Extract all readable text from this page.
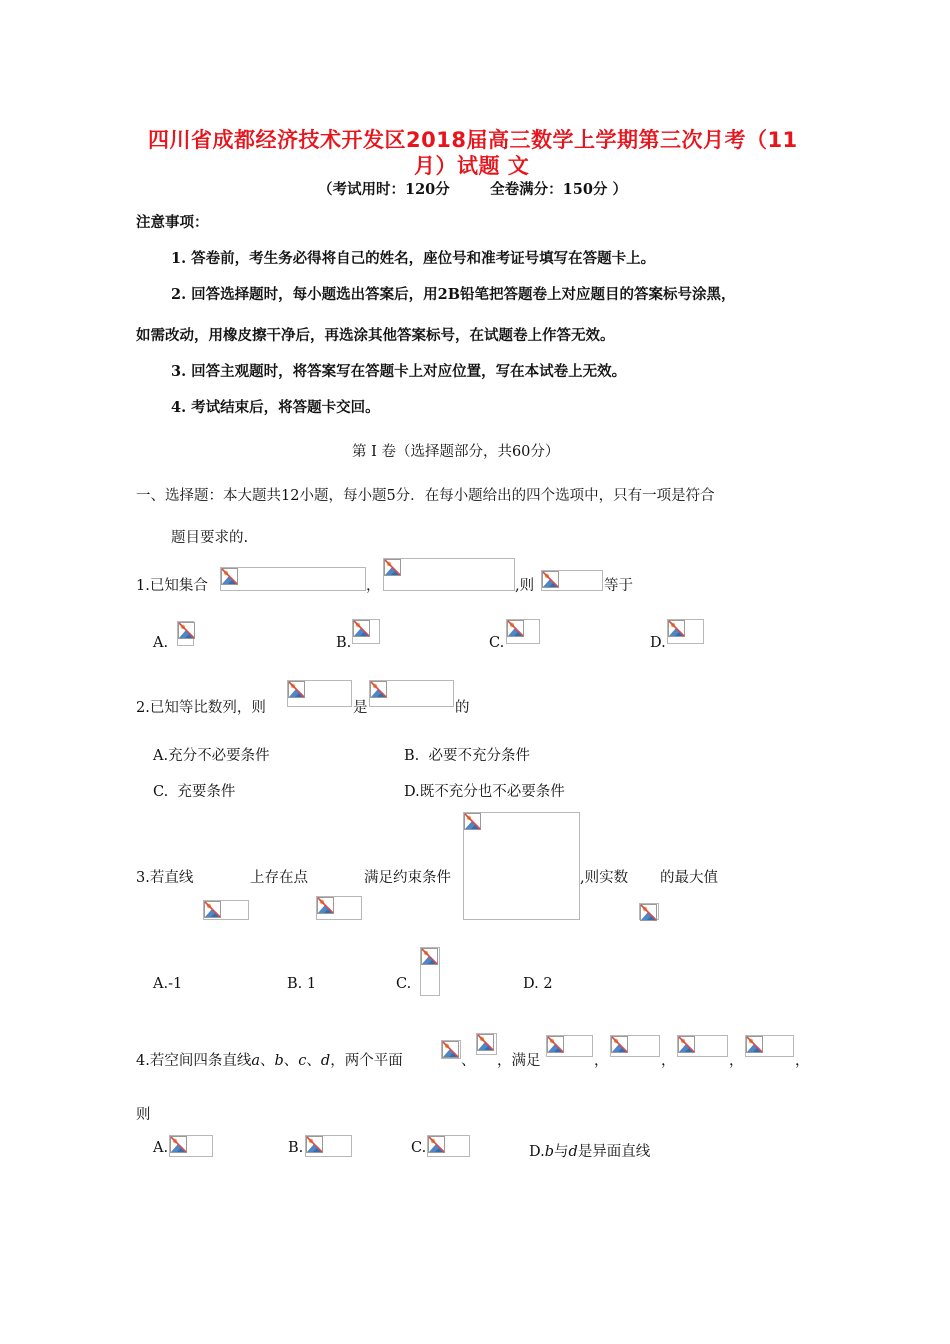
四川省成都经济技术开发区2018届高三数学上学期第三次月考（11
月）试题 文
（考试用时：120分        全卷满分：150分 ）
注意事项：
1. 答卷前，考生务必得将自己的姓名，座位号和准考证号填写在答题卡上。
2. 回答选择题时，每小题选出答案后，用2B铅笔把答题卷上对应题目的答案标号涂黑，
如需改动，用橡皮擦干净后，再选涂其他答案标号，在试题卷上作答无效。
3. 回答主观题时，将答案写在答题卡上对应位置，写在本试卷上无效。
4. 考试结束后，将答题卡交回。
第 I 卷（选择题部分，共60分）
一、选择题：本大题共12小题，每小题5分．在每小题给出的四个选项中，只有一项是符合
题目要求的.
1.已知集合	，	,则	等于
A.	B.	C.	D.
2.已知等比数列，则	是	的
A.充分不必要条件	B.  必要不充分条件
C.  充要条件	D.既不充分也不必要条件
3.若直线	上存在点	满足约束条件	,则实数 的最大值
A.-1	B. 1	C.	D. 2
4.若空间四条直线a、b、c、d，两个平面	、 ，满足	，	，	，	，
则
A.	B.	C.	D.b与d是异面直线
